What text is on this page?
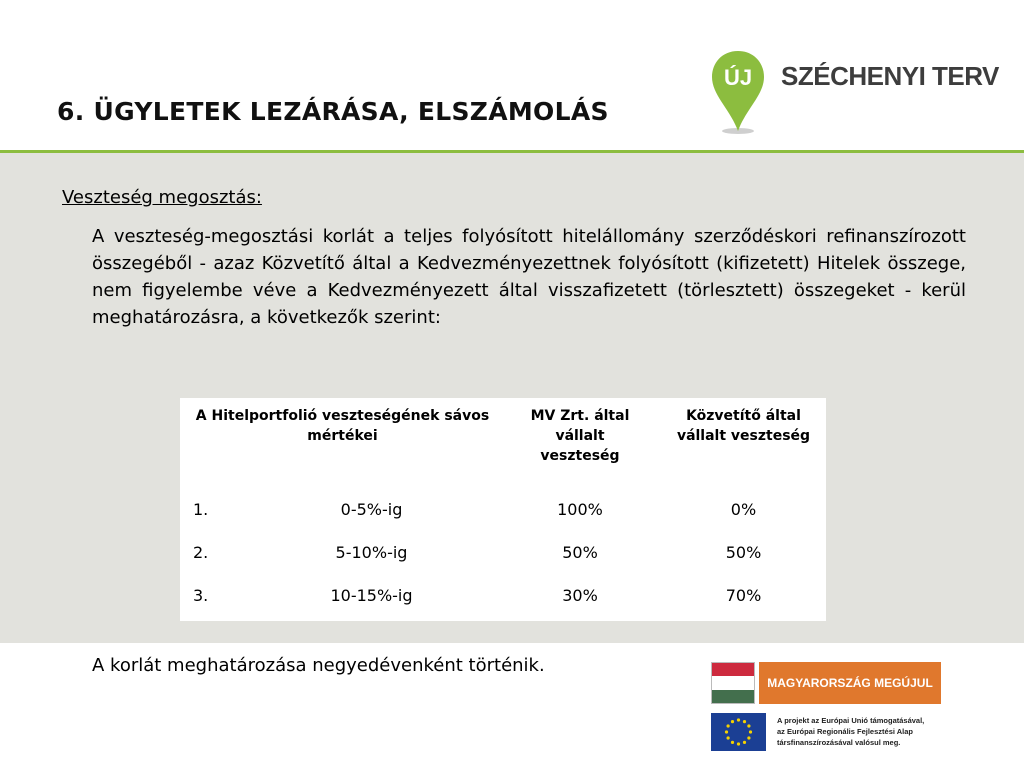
6. ÜGYLETEK LEZÁRÁSA, ELSZÁMOLÁS
ÚJ SZÉCHENYI TERV
Veszteség megosztás:
A veszteség-megosztási korlát a teljes folyósított hitelállomány szerződéskori refinanszírozott összegéből - azaz Közvetítő által a Kedvezményezettnek folyósított (kifizetett) Hitelek összege, nem figyelembe véve a Kedvezményezett által visszafizetett (törlesztett) összegeket - kerül meghatározásra, a következők szerint:
A Hitelportfolió veszteségének sávos mértékei
MV Zrt. által vállalt veszteség
Közvetítő által vállalt veszteség
1.	0-5%-ig	100%	0%
2.	5-10%-ig	50%	50%
3.	10-15%-ig	30%	70%
A korlát meghatározása negyedévenként történik.
MAGYARORSZÁG MEGÚJUL
A projekt az Európai Unió támogatásával,
az Európai Regionális Fejlesztési Alap
társfinanszírozásával valósul meg.
